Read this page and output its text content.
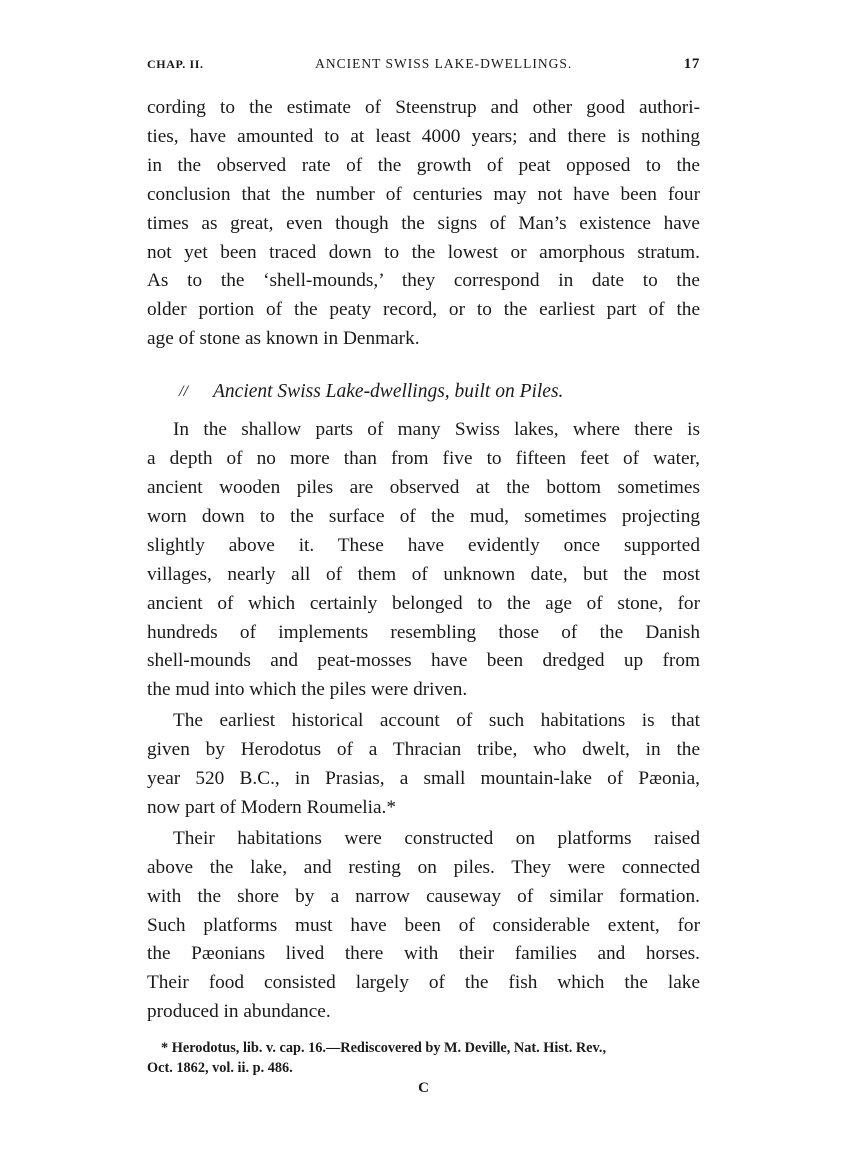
CHAP. II.	ANCIENT SWISS LAKE-DWELLINGS.	17
cording to the estimate of Steenstrup and other good authori-
ties, have amounted to at least 4000 years; and there is nothing
in the observed rate of the growth of peat opposed to the
conclusion that the number of centuries may not have been four
times as great, even though the signs of Man’s existence have
not yet been traced down to the lowest or amorphous stratum.
As to the ‘shell-mounds,’ they correspond in date to the
older portion of the peaty record, or to the earliest part of the
age of stone as known in Denmark.
// Ancient Swiss Lake-dwellings, built on Piles.
In the shallow parts of many Swiss lakes, where there is
a depth of no more than from five to fifteen feet of water,
ancient wooden piles are observed at the bottom sometimes
worn down to the surface of the mud, sometimes projecting
slightly above it. These have evidently once supported
villages, nearly all of them of unknown date, but the most
ancient of which certainly belonged to the age of stone, for
hundreds of implements resembling those of the Danish
shell-mounds and peat-mosses have been dredged up from
the mud into which the piles were driven.
The earliest historical account of such habitations is that
given by Herodotus of a Thracian tribe, who dwelt, in the
year 520 B.C., in Prasias, a small mountain-lake of Pæonia,
now part of Modern Roumelia.*
Their habitations were constructed on platforms raised
above the lake, and resting on piles. They were connected
with the shore by a narrow causeway of similar formation.
Such platforms must have been of considerable extent, for
the Pæonians lived there with their families and horses.
Their food consisted largely of the fish which the lake
produced in abundance.
* Herodotus, lib. v. cap. 16.—Rediscovered by M. Deville, Nat. Hist. Rev.,
Oct. 1862, vol. ii. p. 486.
C
